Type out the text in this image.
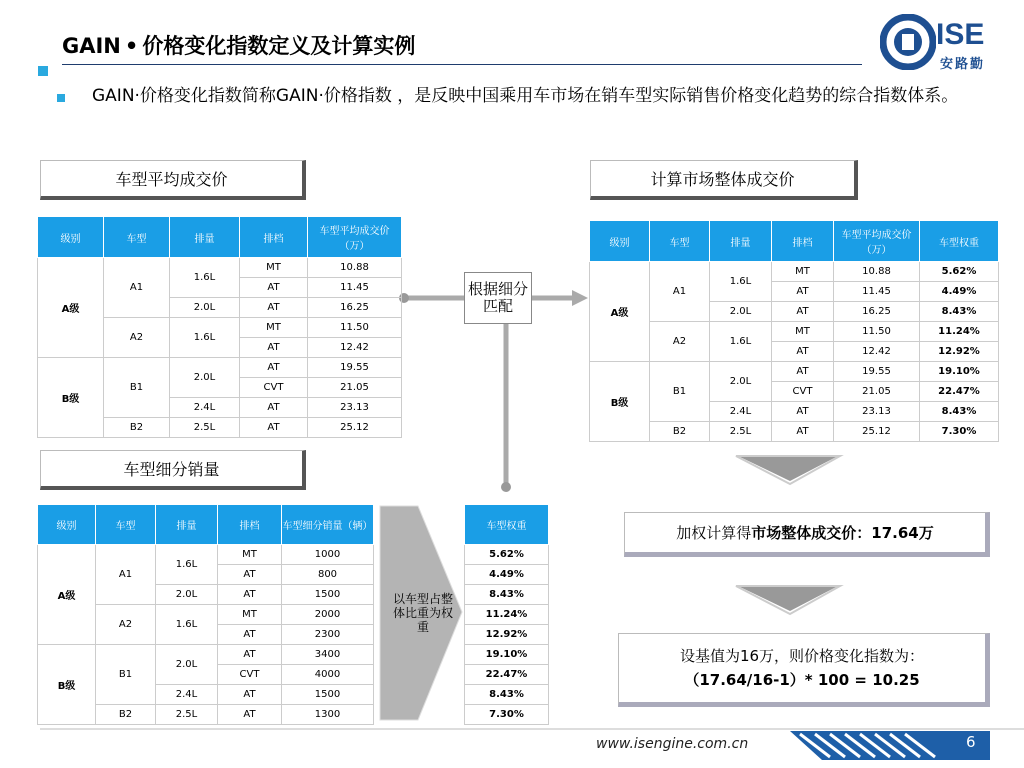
GAIN • 价格变化指数定义及计算实例	ISE
安路勤
GAIN·价格变化指数简称GAIN·价格指数 ，是反映中国乘用车市场在销车型实际销售价格变化趋势的综合指数体系。
车型平均成交价	计算市场整体成交价
车型细分销量
根据细分匹配
级别	车型	排量	排档	车型平均成交价（万）
A级	A1	1.6L	MT	10.88
			AT	11.45
		2.0L	AT	16.25
	A2	1.6L	MT	11.50
			AT	12.42
B级	B1	2.0L	AT	19.55
			CVT	21.05
		2.4L	AT	23.13
	B2	2.5L	AT	25.12
级别	车型	排量	排档	车型平均成交价（万）	车型权重
A级	A1	1.6L	MT	10.88	5.62%
			AT	11.45	4.49%
		2.0L	AT	16.25	8.43%
	A2	1.6L	MT	11.50	11.24%
			AT	12.42	12.92%
B级	B1	2.0L	AT	19.55	19.10%
			CVT	21.05	22.47%
		2.4L	AT	23.13	8.43%
	B2	2.5L	AT	25.12	7.30%
级别	车型	排量	排档	车型细分销量（辆）
A级	A1	1.6L	MT	1000
			AT	800
		2.0L	AT	1500
	A2	1.6L	MT	2000
			AT	2300
B级	B1	2.0L	AT	3400
			CVT	4000
		2.4L	AT	1500
	B2	2.5L	AT	1300
以车型占整体比重为权重
车型权重
5.62%
4.49%
8.43%
11.24%
12.92%
19.10%
22.47%
8.43%
7.30%
加权计算得 市场整体成交价：17.64万
设基值为16万，则价格变化指数为：
（17.64/16-1）* 100 = 10.25
www.isengine.com.cn	6
